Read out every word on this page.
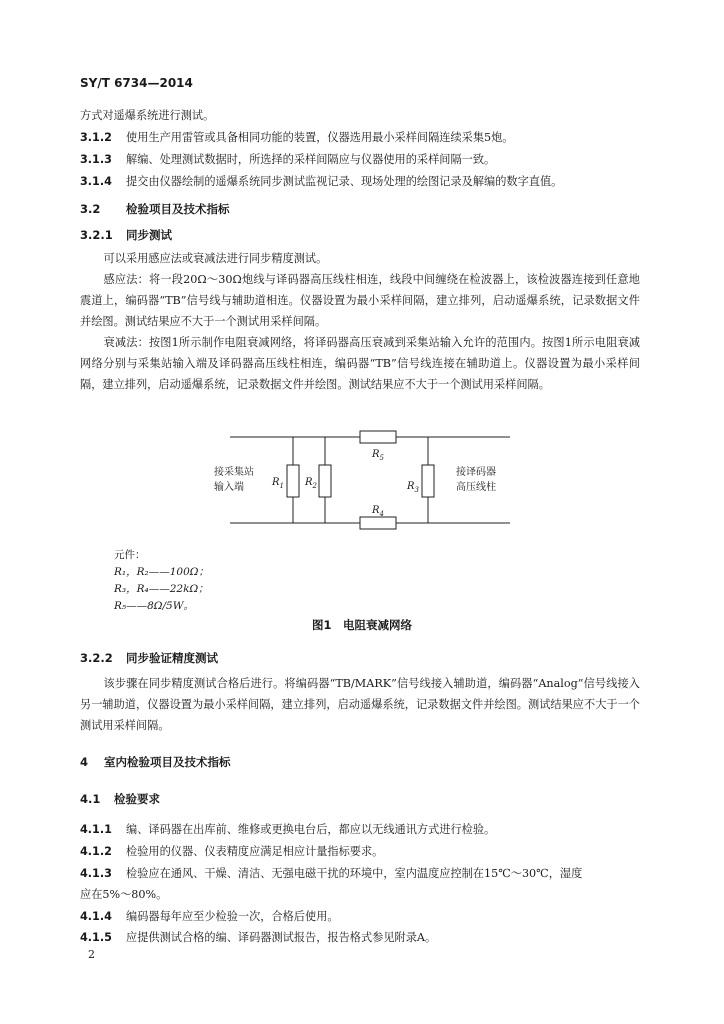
SY/T 6734—2014
方式对遥爆系统进行测试。
3.1.2 使用生产用雷管或具备相同功能的装置，仪器选用最小采样间隔连续采集5炮。
3.1.3 解编、处理测试数据时，所选择的采样间隔应与仪器使用的采样间隔一致。
3.1.4 提交由仪器绘制的遥爆系统同步测试监视记录、现场处理的绘图记录及解编的数字直值。
3.2 检验项目及技术指标
3.2.1 同步测试
可以采用感应法或衰减法进行同步精度测试。
感应法：将一段20Ω～30Ω炮线与译码器高压线柱相连，线段中间缠绕在检波器上，该检波器连接到任意地震道上，编码器“TB”信号线与辅助道相连。仪器设置为最小采样间隔，建立排列，启动遥爆系统，记录数据文件并绘图。测试结果应不大于一个测试用采样间隔。
衰减法：按图1所示制作电阻衰减网络，将译码器高压衰减到采集站输入允许的范围内。按图1所示电阻衰减网络分别与采集站输入端及译码器高压线柱相连，编码器“TB”信号线连接在辅助道上。仪器设置为最小采样间隔，建立排列，启动遥爆系统，记录数据文件并绘图。测试结果应不大于一个测试用采样间隔。
接采集站
输入端
接译码器
高压线柱
$R_1$ $R_2$	$R_3$
$R_4$
$R_5$
元件：
R₁，R₂——100Ω；
R₃，R₄——22kΩ；
R₅——8Ω/5W。
图1　电阻衰减网络
3.2.2 同步验证精度测试
该步骤在同步精度测试合格后进行。将编码器“TB/MARK”信号线接入辅助道，编码器“Analog”信号线接入另一辅助道，仪器设置为最小采样间隔，建立排列，启动遥爆系统，记录数据文件并绘图。测试结果应不大于一个测试用采样间隔。
4 室内检验项目及技术指标
4.1 检验要求
4.1.1 编、译码器在出库前、维修或更换电台后，都应以无线通讯方式进行检验。
4.1.2 检验用的仪器、仪表精度应满足相应计量指标要求。
4.1.3 检验应在通风、干燥、清洁、无强电磁干扰的环境中，室内温度应控制在15℃～30℃，湿度
应在5%～80%。
4.1.4 编码器每年应至少检验一次，合格后使用。
4.1.5 应提供测试合格的编、译码器测试报告，报告格式参见附录A。
2
